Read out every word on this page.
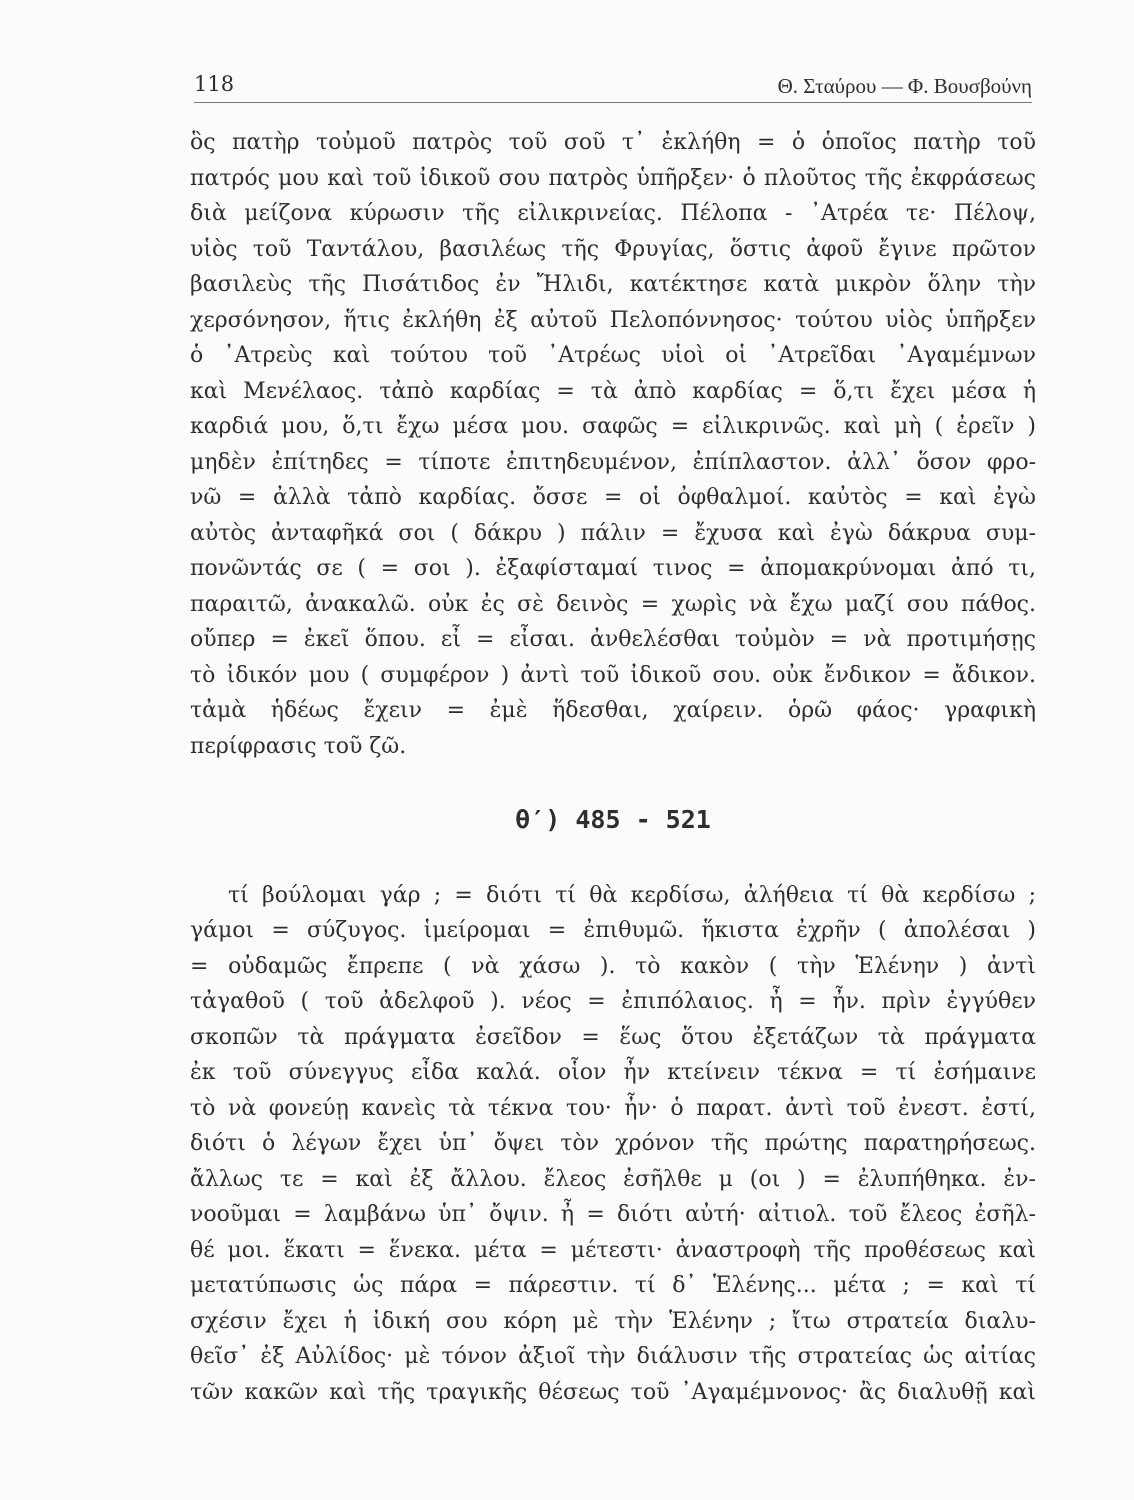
118	Θ. Σταύρου — Φ. Βουσβούνη
ὃς πατὴρ τοὐμοῦ πατρὸς τοῦ σοῦ τ᾽ ἐκλήθη = ὁ ὁποῖος πατὴρ τοῦ
πατρός μου καὶ τοῦ ἰδικοῦ σου πατρὸς ὑπῆρξεν· ὁ πλοῦτος τῆς ἐκφράσεως
διὰ μείζονα κύρωσιν τῆς εἰλικρινείας. Πέλοπα - ᾽Ατρέα τε· Πέλοψ,
υἱὸς τοῦ Ταντάλου, βασιλέως τῆς Φρυγίας, ὅστις ἀφοῦ ἔγινε πρῶτον
βασιλεὺς τῆς Πισάτιδος ἐν Ἤλιδι, κατέκτησε κατὰ μικρὸν ὅλην τὴν
χερσόνησον, ἥτις ἐκλήθη ἐξ αὐτοῦ Πελοπόννησος· τούτου υἱὸς ὑπῆρξεν
ὁ ᾽Ατρεὺς καὶ τούτου τοῦ ᾽Ατρέως υἱοὶ οἱ ᾽Ατρεῖδαι ᾽Αγαμέμνων
καὶ Μενέλαος. τἀπὸ καρδίας = τὰ ἀπὸ καρδίας = ὅ,τι ἔχει μέσα ἡ
καρδιά μου, ὅ,τι ἔχω μέσα μου. σαφῶς = εἰλικρινῶς. καὶ μὴ ( ἐρεῖν )
μηδὲν ἐπίτηδες = τίποτε ἐπιτηδευμένον, ἐπίπλαστον. ἀλλ᾽ ὅσον φρο-
νῶ = ἀλλὰ τἀπὸ καρδίας. ὄσσε = οἱ ὀφθαλμοί. καὐτὸς = καὶ ἐγὼ
αὐτὸς ἀνταφῆκά σοι ( δάκρυ ) πάλιν = ἔχυσα καὶ ἐγὼ δάκρυα συμ-
πονῶντάς σε ( = σοι ). ἐξαφίσταμαί τινος = ἀπομακρύνομαι ἀπό τι,
παραιτῶ, ἀνακαλῶ. οὐκ ἐς σὲ δεινὸς = χωρὶς νὰ ἔχω μαζί σου πάθος.
οὔπερ = ἐκεῖ ὅπου. εἶ = εἶσαι. ἀνθελέσθαι τοὐμὸν = νὰ προτιμήσῃς
τὸ ἰδικόν μου ( συμφέρον ) ἀντὶ τοῦ ἰδικοῦ σου. οὐκ ἔνδικον = ἄδικον.
τἀμὰ ἡδέως ἔχειν = ἐμὲ ἥδεσθαι, χαίρειν. ὁρῶ φάος· γραφικὴ
περίφρασις τοῦ ζῶ.
θ′) 485 - 521
τί βούλομαι γάρ ; = διότι τί θὰ κερδίσω, ἀλήθεια τί θὰ κερδίσω ;
γάμοι = σύζυγος. ἱμείρομαι = ἐπιθυμῶ. ἥκιστα ἐχρῆν ( ἀπολέσαι )
= οὐδαμῶς ἔπρεπε ( νὰ χάσω ). τὸ κακὸν ( τὴν Ἑλένην ) ἀντὶ
τἀγαθοῦ ( τοῦ ἀδελφοῦ ). νέος = ἐπιπόλαιος. ἦ = ἦν. πρὶν ἐγγύθεν
σκοπῶν τὰ πράγματα ἐσεῖδον = ἕως ὅτου ἐξετάζων τὰ πράγματα
ἐκ τοῦ σύνεγγυς εἶδα καλά. οἷον ἦν κτείνειν τέκνα = τί ἐσήμαινε
τὸ νὰ φονεύῃ κανεὶς τὰ τέκνα του· ἦν· ὁ παρατ. ἀντὶ τοῦ ἐνεστ. ἐστί,
διότι ὁ λέγων ἔχει ὑπ᾽ ὄψει τὸν χρόνον τῆς πρώτης παρατηρήσεως.
ἄλλως τε = καὶ ἐξ ἄλλου. ἔλεος ἐσῆλθε μ (οι ) = ἐλυπήθηκα. ἐν-
νοοῦμαι = λαμβάνω ὑπ᾽ ὄψιν. ἦ = διότι αὐτή· αἰτιολ. τοῦ ἔλεος ἐσῆλ-
θέ μοι. ἕκατι = ἕνεκα. μέτα = μέτεστι· ἀναστροφὴ τῆς προθέσεως καὶ
μετατύπωσις ὡς πάρα = πάρεστιν. τί δ᾽ Ἑλένης... μέτα ; = καὶ τί
σχέσιν ἔχει ἡ ἰδική σου κόρη μὲ τὴν Ἑλένην ; ἴτω στρατεία διαλυ-
θεῖσ᾽ ἐξ Αὐλίδος· μὲ τόνον ἀξιοῖ τὴν διάλυσιν τῆς στρατείας ὡς αἰτίας
τῶν κακῶν καὶ τῆς τραγικῆς θέσεως τοῦ ᾽Αγαμέμνονος· ἂς διαλυθῇ καὶ
